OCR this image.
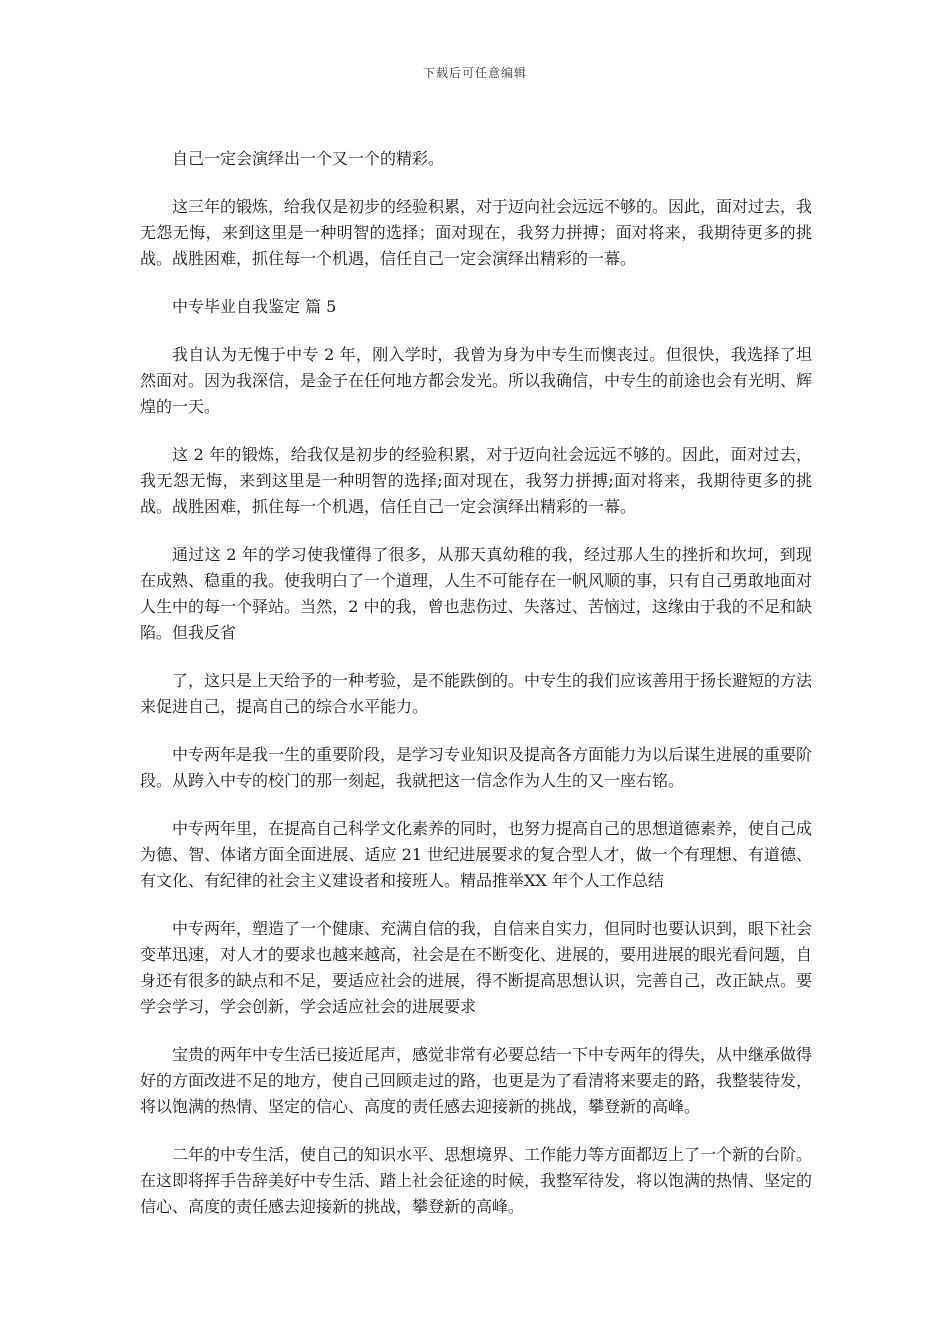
下载后可任意编辑

自己一定会演绎出一个又一个的精彩。

这三年的锻炼，给我仅是初步的经验积累，对于迈向社会远远不够的。因此，面对过去，我无怨无悔，来到这里是一种明智的选择；面对现在，我努力拼搏；面对将来，我期待更多的挑战。战胜困难，抓住每一个机遇，信任自己一定会演绎出精彩的一幕。

中专毕业自我鉴定 篇 5

我自认为无愧于中专 2 年，刚入学时，我曾为身为中专生而懊丧过。但很快，我选择了坦然面对。因为我深信，是金子在任何地方都会发光。所以我确信，中专生的前途也会有光明、辉煌的一天。

这 2 年的锻炼，给我仅是初步的经验积累，对于迈向社会远远不够的。因此，面对过去，我无怨无悔，来到这里是一种明智的选择;面对现在，我努力拼搏;面对将来，我期待更多的挑战。战胜困难，抓住每一个机遇，信任自己一定会演绎出精彩的一幕。

通过这 2 年的学习使我懂得了很多，从那天真幼稚的我，经过那人生的挫折和坎坷，到现在成熟、稳重的我。使我明白了一个道理，人生不可能存在一帆风顺的事，只有自己勇敢地面对人生中的每一个驿站。当然，2 中的我，曾也悲伤过、失落过、苦恼过，这缘由于我的不足和缺陷。但我反省

了，这只是上天给予的一种考验，是不能跌倒的。中专生的我们应该善用于扬长避短的方法来促进自己，提高自己的综合水平能力。

中专两年是我一生的重要阶段，是学习专业知识及提高各方面能力为以后谋生进展的重要阶段。从跨入中专的校门的那一刻起，我就把这一信念作为人生的又一座右铭。

中专两年里，在提高自己科学文化素养的同时，也努力提高自己的思想道德素养，使自己成为德、智、体诸方面全面进展、适应 21 世纪进展要求的复合型人才，做一个有理想、有道德、有文化、有纪律的社会主义建设者和接班人。精品推举XX 年个人工作总结

中专两年，塑造了一个健康、充满自信的我，自信来自实力，但同时也要认识到，眼下社会变革迅速，对人才的要求也越来越高，社会是在不断变化、进展的，要用进展的眼光看问题，自身还有很多的缺点和不足，要适应社会的进展，得不断提高思想认识，完善自己，改正缺点。要学会学习，学会创新，学会适应社会的进展要求

宝贵的两年中专生活已接近尾声，感觉非常有必要总结一下中专两年的得失，从中继承做得好的方面改进不足的地方，使自己回顾走过的路，也更是为了看清将来要走的路，我整装待发，将以饱满的热情、坚定的信心、高度的责任感去迎接新的挑战，攀登新的高峰。

二年的中专生活，使自己的知识水平、思想境界、工作能力等方面都迈上了一个新的台阶。在这即将挥手告辞美好中专生活、踏上社会征途的时候，我整军待发，将以饱满的热情、坚定的信心、高度的责任感去迎接新的挑战，攀登新的高峰。
